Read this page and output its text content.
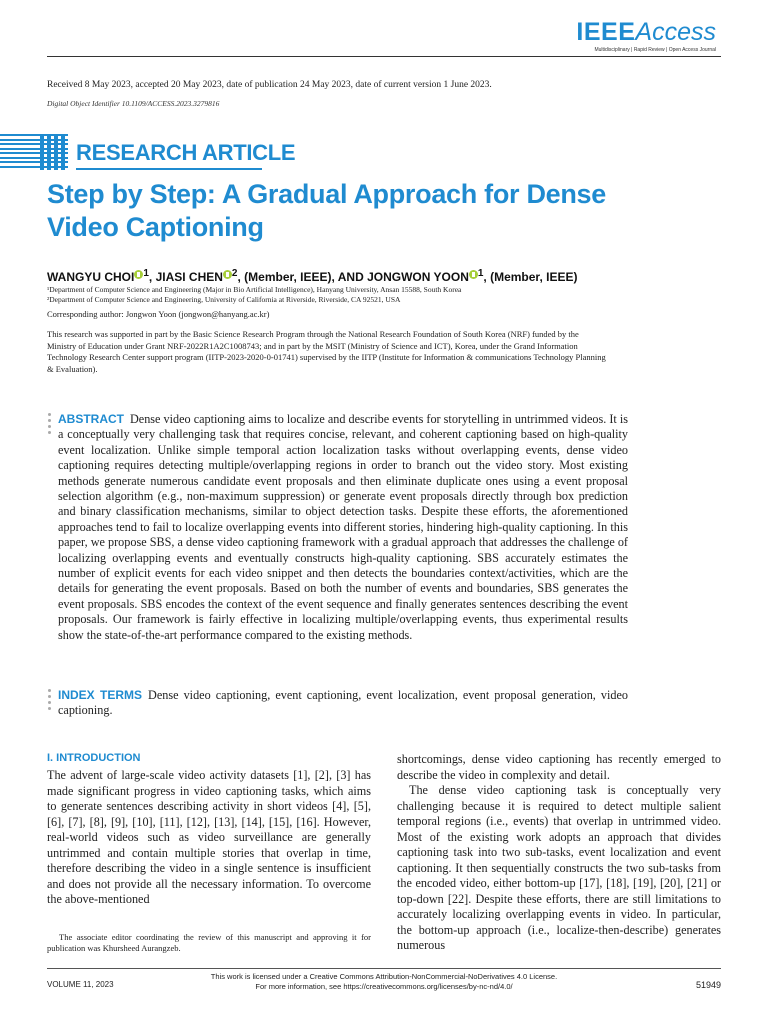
IEEEAccess
Multidisciplinary | Rapid Review | Open Access Journal
Received 8 May 2023, accepted 20 May 2023, date of publication 24 May 2023, date of current version 1 June 2023.
Digital Object Identifier 10.1109/ACCESS.2023.3279816
RESEARCH ARTICLE
Step by Step: A Gradual Approach for Dense Video Captioning
WANGYU CHOI $^1$, JIASI CHEN $^2$, (Member, IEEE), AND JONGWON YOON $^1$, (Member, IEEE)
¹Department of Computer Science and Engineering (Major in Bio Artificial Intelligence), Hanyang University, Ansan 15588, South Korea
²Department of Computer Science and Engineering, University of California at Riverside, Riverside, CA 92521, USA
Corresponding author: Jongwon Yoon (jongwon@hanyang.ac.kr)
This research was supported in part by the Basic Science Research Program through the National Research Foundation of South Korea (NRF) funded by the Ministry of Education under Grant NRF-2022R1A2C1008743; and in part by the MSIT (Ministry of Science and ICT), Korea, under the Grand Information Technology Research Center support program (IITP-2023-2020-0-01741) supervised by the IITP (Institute for Information & communications Technology Planning & Evaluation).
ABSTRACT Dense video captioning aims to localize and describe events for storytelling in untrimmed videos. It is a conceptually very challenging task that requires concise, relevant, and coherent captioning based on high-quality event localization. Unlike simple temporal action localization tasks without overlapping events, dense video captioning requires detecting multiple/overlapping regions in order to branch out the video story. Most existing methods generate numerous candidate event proposals and then eliminate duplicate ones using a event proposal selection algorithm (e.g., non-maximum suppression) or generate event proposals directly through box prediction and binary classification mechanisms, similar to object detection tasks. Despite these efforts, the aforementioned approaches tend to fail to localize overlapping events into different stories, hindering high-quality captioning. In this paper, we propose SBS, a dense video captioning framework with a gradual approach that addresses the challenge of localizing overlapping events and eventually constructs high-quality captioning. SBS accurately estimates the number of explicit events for each video snippet and then detects the boundaries context/activities, which are the details for generating the event proposals. Based on both the number of events and boundaries, SBS generates the event proposals. SBS encodes the context of the event sequence and finally generates sentences describing the event proposals. Our framework is fairly effective in localizing multiple/overlapping events, thus experimental results show the state-of-the-art performance compared to the existing methods.
INDEX TERMS Dense video captioning, event captioning, event localization, event proposal generation, video captioning.
I. INTRODUCTION

The advent of large-scale video activity datasets [1], [2], [3] has made significant progress in video captioning tasks, which aims to generate sentences describing activity in short videos [4], [5], [6], [7], [8], [9], [10], [11], [12], [13], [14], [15], [16]. However, real-world videos such as video surveillance are generally untrimmed and contain multiple stories that overlap in time, therefore describing the video in a single sentence is insufficient and does not provide all the necessary information. To overcome the above-mentioned

The associate editor coordinating the review of this manuscript and approving it for publication was Khursheed Aurangzeb.

shortcomings, dense video captioning has recently emerged to describe the video in complexity and detail.

The dense video captioning task is conceptually very challenging because it is required to detect multiple salient temporal regions (i.e., events) that overlap in untrimmed video. Most of the existing work adopts an approach that divides captioning task into two sub-tasks, event localization and event captioning. It then sequentially constructs the two sub-tasks from the encoded video, either bottom-up [17], [18], [19], [20], [21] or top-down [22]. Despite these efforts, there are still limitations to accurately localizing overlapping events in video. In particular, the bottom-up approach (i.e., localize-then-describe) generates numerous

This work is licensed under a Creative Commons Attribution-NonCommercial-NoDerivatives 4.0 License.
For more information, see https://creativecommons.org/licenses/by-nc-nd/4.0/
VOLUME 11, 2023	51949
